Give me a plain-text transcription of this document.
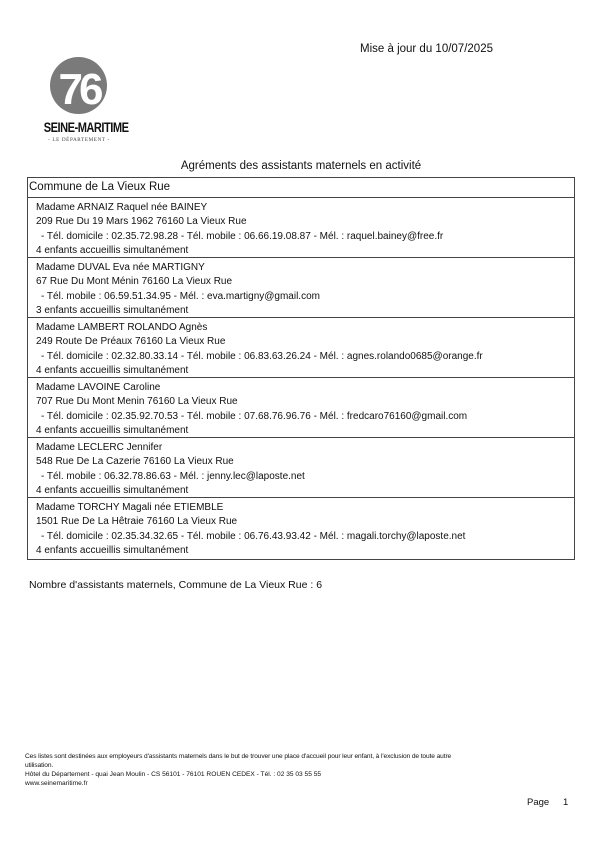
Mise à jour du 10/07/2025
76
SEINE-MARITIME
- LE DÉPARTEMENT -
Agréments des assistants maternels en activité
Commune de La Vieux Rue
Madame ARNAIZ Raquel née BAINEY
209 Rue Du 19 Mars 1962 76160 La Vieux Rue
- Tél. domicile : 02.35.72.98.28 - Tél. mobile : 06.66.19.08.87 - Mél. : raquel.bainey@free.fr
4 enfants accueillis simultanément
Madame DUVAL Eva née MARTIGNY
67 Rue Du Mont Ménin 76160 La Vieux Rue
- Tél. mobile : 06.59.51.34.95 - Mél. : eva.martigny@gmail.com
3 enfants accueillis simultanément
Madame LAMBERT ROLANDO Agnès
249 Route De Préaux 76160 La Vieux Rue
- Tél. domicile : 02.32.80.33.14 - Tél. mobile : 06.83.63.26.24 - Mél. : agnes.rolando0685@orange.fr
4 enfants accueillis simultanément
Madame LAVOINE Caroline
707 Rue Du Mont Menin 76160 La Vieux Rue
- Tél. domicile : 02.35.92.70.53 - Tél. mobile : 07.68.76.96.76 - Mél. : fredcaro76160@gmail.com
4 enfants accueillis simultanément
Madame LECLERC Jennifer
548 Rue De La Cazerie 76160 La Vieux Rue
- Tél. mobile : 06.32.78.86.63 - Mél. : jenny.lec@laposte.net
4 enfants accueillis simultanément
Madame TORCHY Magali née ETIEMBLE
1501 Rue De La Hêtraie 76160 La Vieux Rue
- Tél. domicile : 02.35.34.32.65 - Tél. mobile : 06.76.43.93.42 - Mél. : magali.torchy@laposte.net
4 enfants accueillis simultanément
Nombre d'assistants maternels, Commune de La Vieux Rue : 6
Ces listes sont destinées aux employeurs d'assistants maternels dans le but de trouver une place d'accueil pour leur enfant, à l'exclusion de toute autre
utilisation.
Hôtel du Département - quai Jean Moulin - CS 56101 - 76101 ROUEN CEDEX - Tél. : 02 35 03 55 55
www.seinemaritime.fr
Page 1
